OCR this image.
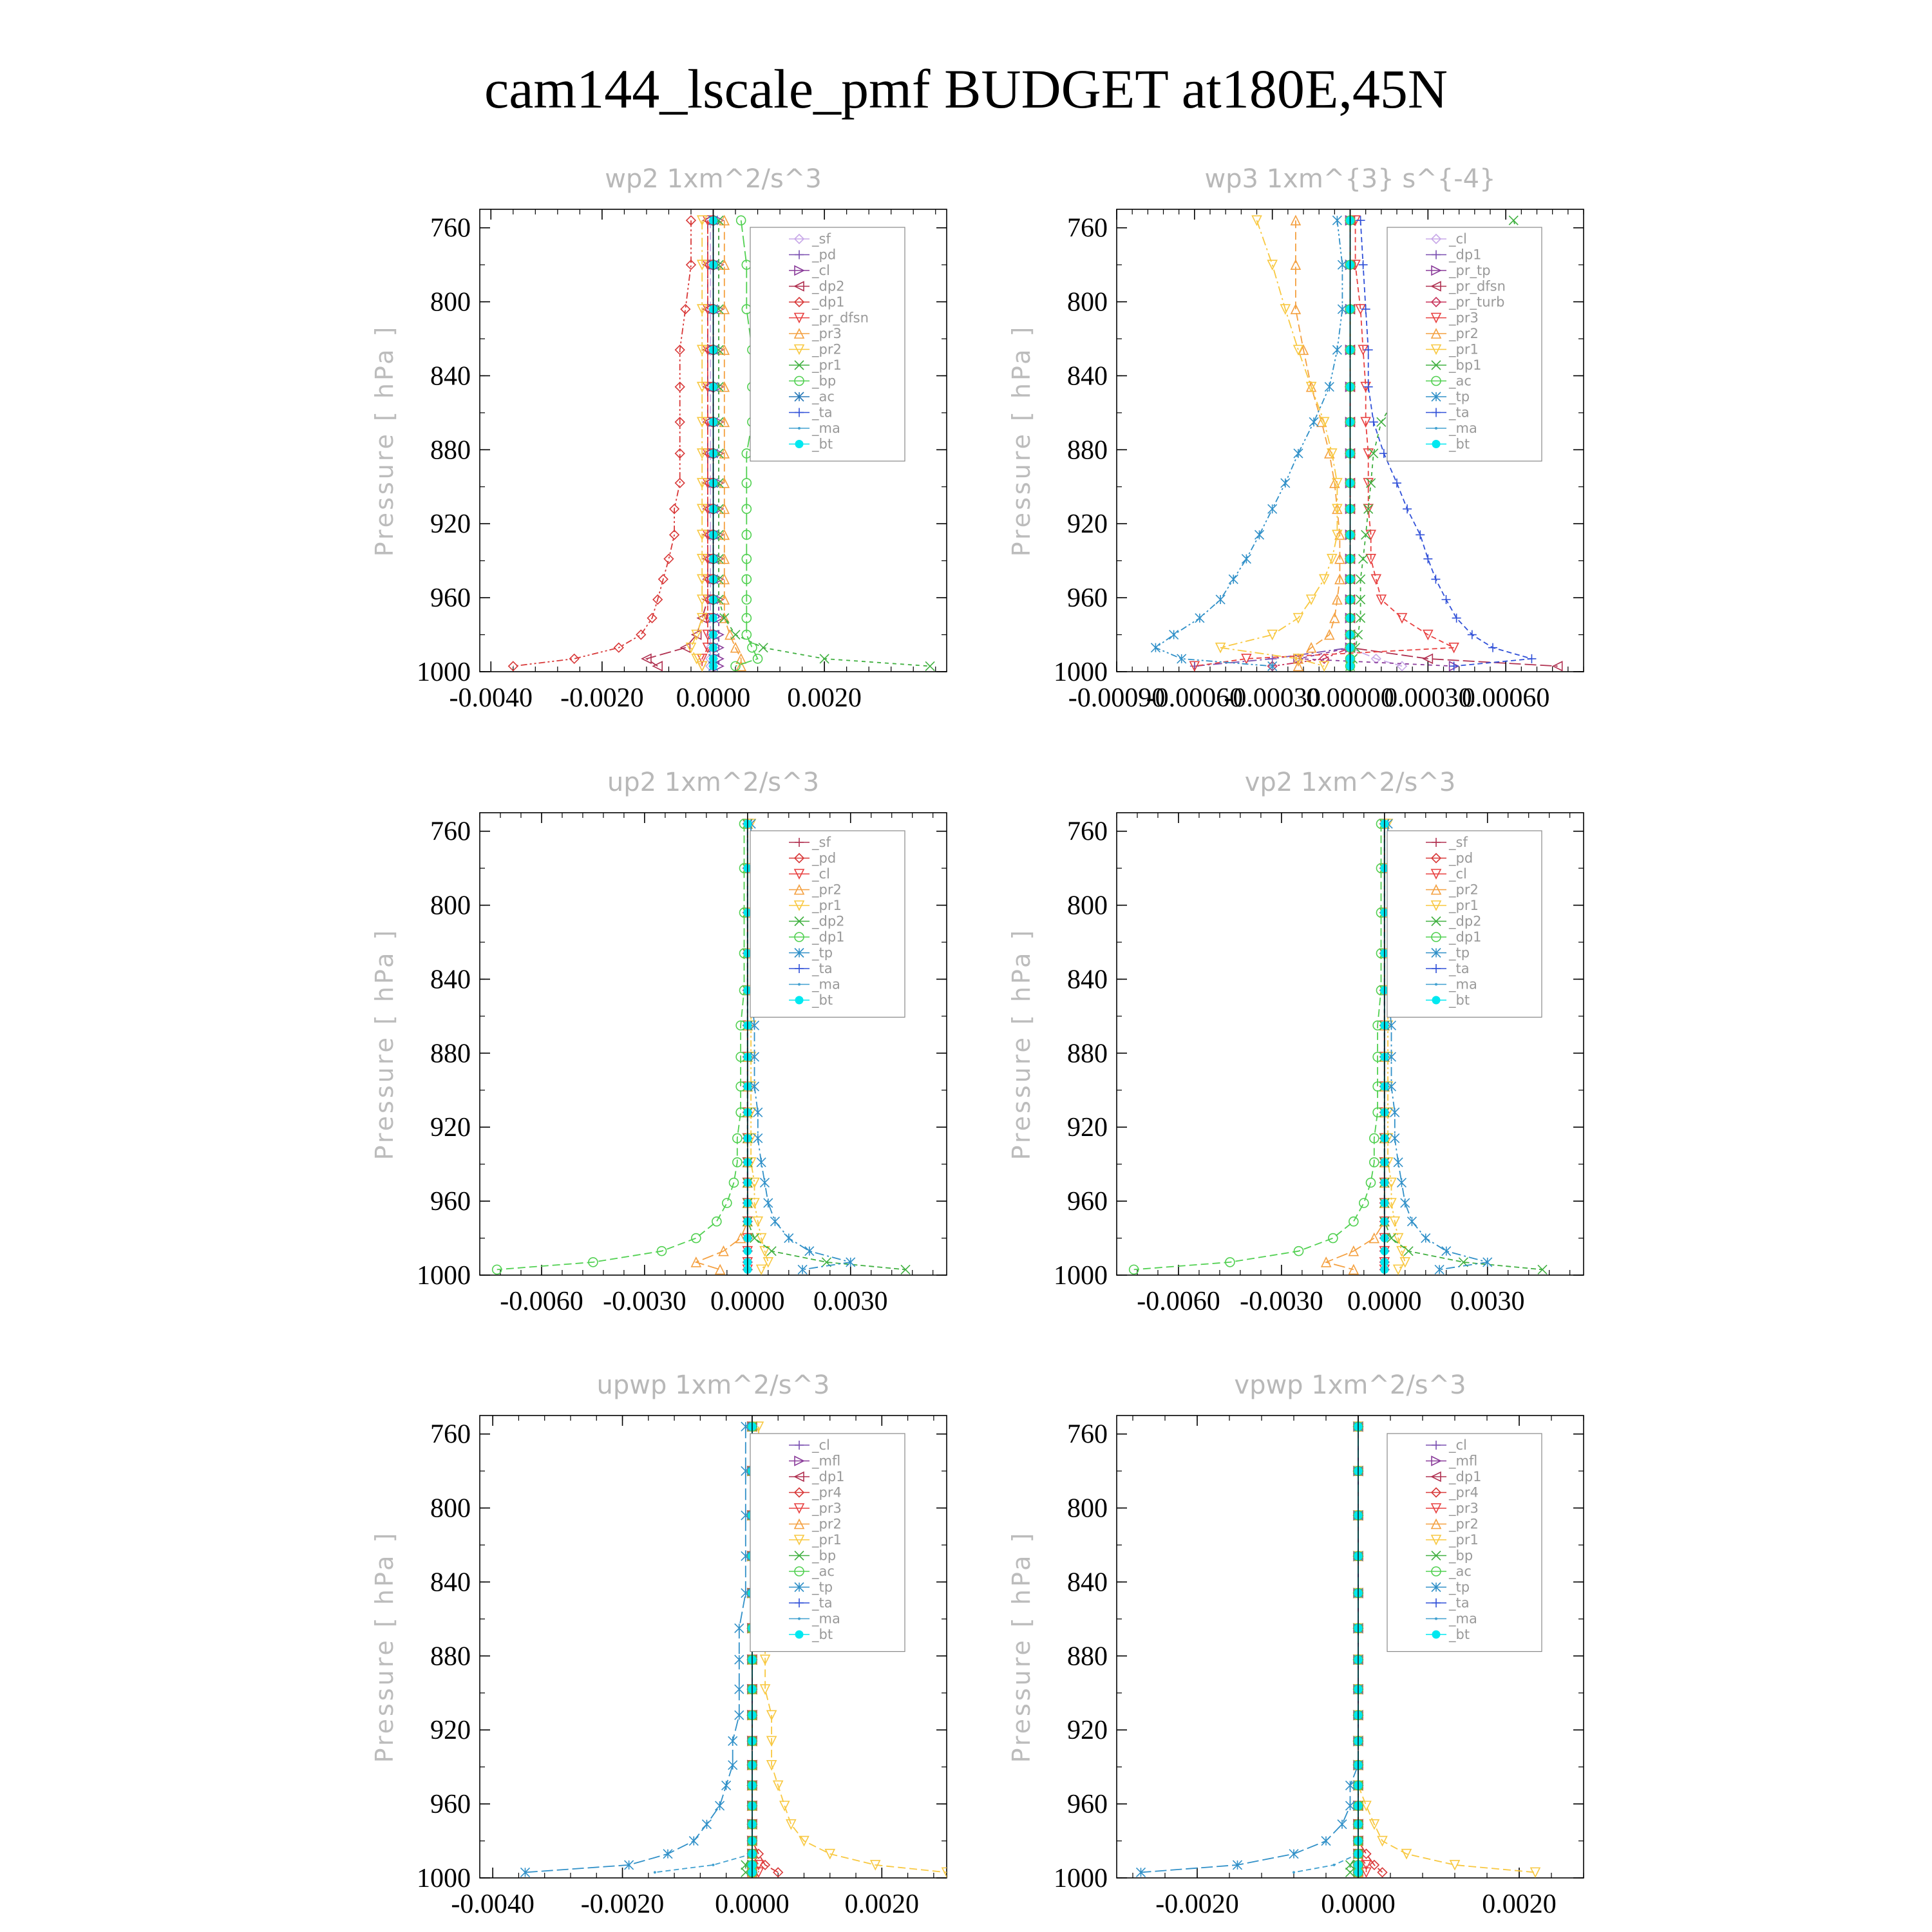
cam144_lscale_pmf BUDGET at180E,45N
wp2 1xm^2/s^3
Pressure [ hPa ]
760
800
840
880
920
960
1000
-0.0040 -0.0020 0.0000 0.0020
_sf
_pd
_cl
_dp2
_dp1
_pr_dfsn
_pr3
_pr2
_pr1
_bp
_ac
_ta
_ma
_bt
wp3 1xm^{3} s^{-4}
Pressure [ hPa ]
760
800
840
880
920
960
1000
-0.00090
-0.00060
-0.00030
0.00000
0.00030
0.00060
_cl
_dp1
_pr_tp
_pr_dfsn
_pr_turb
_pr3
_pr2
_pr1
_bp1
_ac
_tp
_ta
_ma
_bt
up2 1xm^2/s^3
Pressure [ hPa ]
760
800
840
880
920
960
1000
-0.0060 -0.0030 0.0000 0.0030
_sf
_pd
_cl
_pr2
_pr1
_dp2
_dp1
_tp
_ta
_ma
_bt
vp2 1xm^2/s^3
Pressure [ hPa ]
760
800
840
880
920
960
1000
-0.0060 -0.0030 0.0000 0.0030
_sf
_pd
_cl
_pr2
_pr1
_dp2
_dp1
_tp
_ta
_ma
_bt
upwp 1xm^2/s^3
Pressure [ hPa ]
760
800
840
880
920
960
1000
-0.0040 -0.0020 0.0000 0.0020
_cl
_mfl
_dp1
_pr4
_pr3
_pr2
_pr1
_bp
_ac
_tp
_ta
_ma
_bt
vpwp 1xm^2/s^3
Pressure [ hPa ]
760
800
840
880
920
960
1000
-0.0020	0.0000	0.0020
_cl
_mfl
_dp1
_pr4
_pr3
_pr2
_pr1
_bp
_ac
_tp
_ta
_ma
_bt
